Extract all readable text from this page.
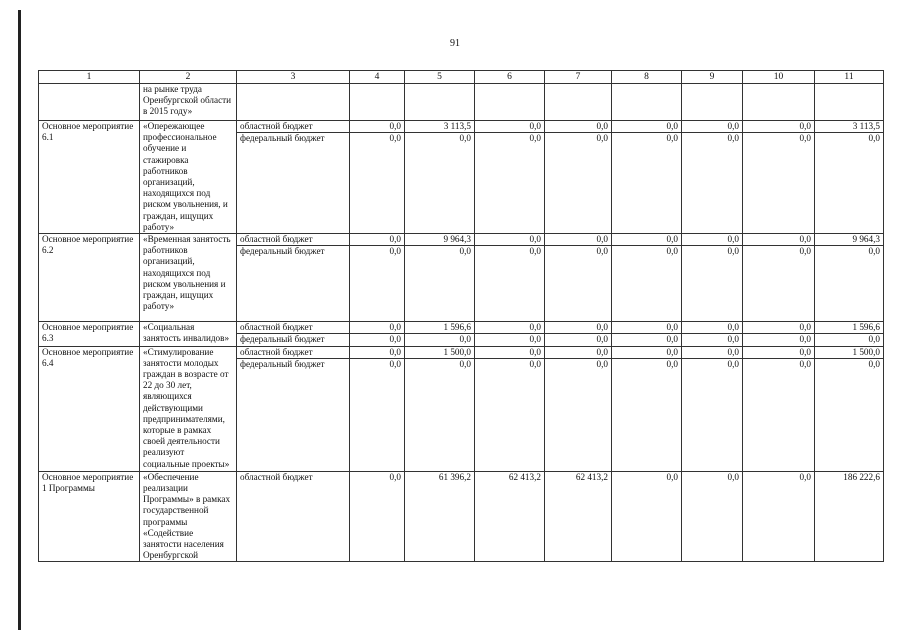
91
1	2	3	4	5	6	7	8	9	10	11
	на рынке труда Оренбургской области в 2015 году»									
Основное мероприятие 6.1	«Опережающее профессиональное обучение и стажировка работников организаций, находящихся под риском увольнения, и граждан, ищущих работу»	областной бюджет	0,0	3 113,5	0,0	0,0	0,0	0,0	0,0	3 113,5
		федеральный бюджет	0,0	0,0	0,0	0,0	0,0	0,0	0,0	0,0
Основное мероприятие 6.2	«Временная занятость работников организаций, находящихся под риском увольнения и граждан, ищущих работу»	областной бюджет	0,0	9 964,3	0,0	0,0	0,0	0,0	0,0	9 964,3
		федеральный бюджет	0,0	0,0	0,0	0,0	0,0	0,0	0,0	0,0
Основное мероприятие 6.3	«Социальная занятость инвалидов»	областной бюджет	0,0	1 596,6	0,0	0,0	0,0	0,0	0,0	1 596,6
		федеральный бюджет	0,0	0,0	0,0	0,0	0,0	0,0	0,0	0,0
Основное мероприятие 6.4	«Стимулирование занятости молодых граждан в возрасте от 22 до 30 лет, являющихся действующими предпринимателями, которые в рамках своей деятельности реализуют социальные проекты»	областной бюджет	0,0	1 500,0	0,0	0,0	0,0	0,0	0,0	1 500,0
		федеральный бюджет	0,0	0,0	0,0	0,0	0,0	0,0	0,0	0,0
Основное мероприятие 1 Программы	«Обеспечение реализации Программы» в рамках государственной программы «Содействие занятости населения Оренбургской	областной бюджет	0,0	61 396,2	62 413,2	62 413,2	0,0	0,0	0,0	186 222,6
